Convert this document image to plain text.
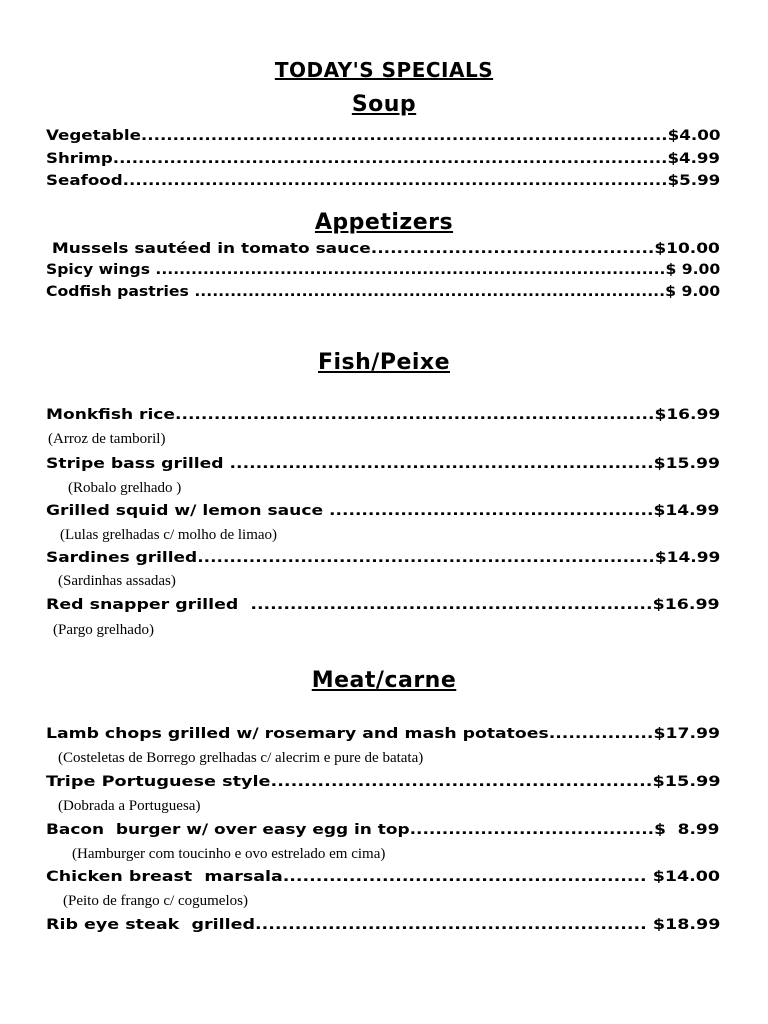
TODAY'S SPECIALS
Soup
Vegetable...................................................................................$4.00
Shrimp........................................................................................$4.99
Seafood......................................................................................$5.99
Appetizers
Mussels sautéed in tomato sauce............................................$10.00
Spicy wings ......................................................................................$ 9.00
Codfish pastries ...............................................................................$ 9.00
Fish/Peixe
Monkfish rice..........................................................................$16.99
(Arroz de tamboril)
Stripe bass grilled .................................................................$15.99
(Robalo grelhado )
Grilled squid w/ lemon sauce ..................................................$14.99
(Lulas grelhadas c/ molho de limao)
Sardines grilled.......................................................................$14.99
(Sardinhas assadas)
Red snapper grilled  .............................................................$16.99
(Pargo grelhado)
Meat/carne
Lamb chops grilled w/ rosemary and mash potatoes................$17.99
(Costeletas de Borrego grelhadas c/ alecrim e pure de batata)
Tripe Portuguese style.........................................................$15.99
(Dobrada a Portuguesa)
Bacon  burger w/ over easy egg in top......................................$  8.99
(Hamburger com toucinho e ovo estrelado em cima)
Chicken breast  marsala....................................................... $14.00
(Peito de frango c/ cogumelos)
Rib eye steak  grilled........................................................... $18.99
